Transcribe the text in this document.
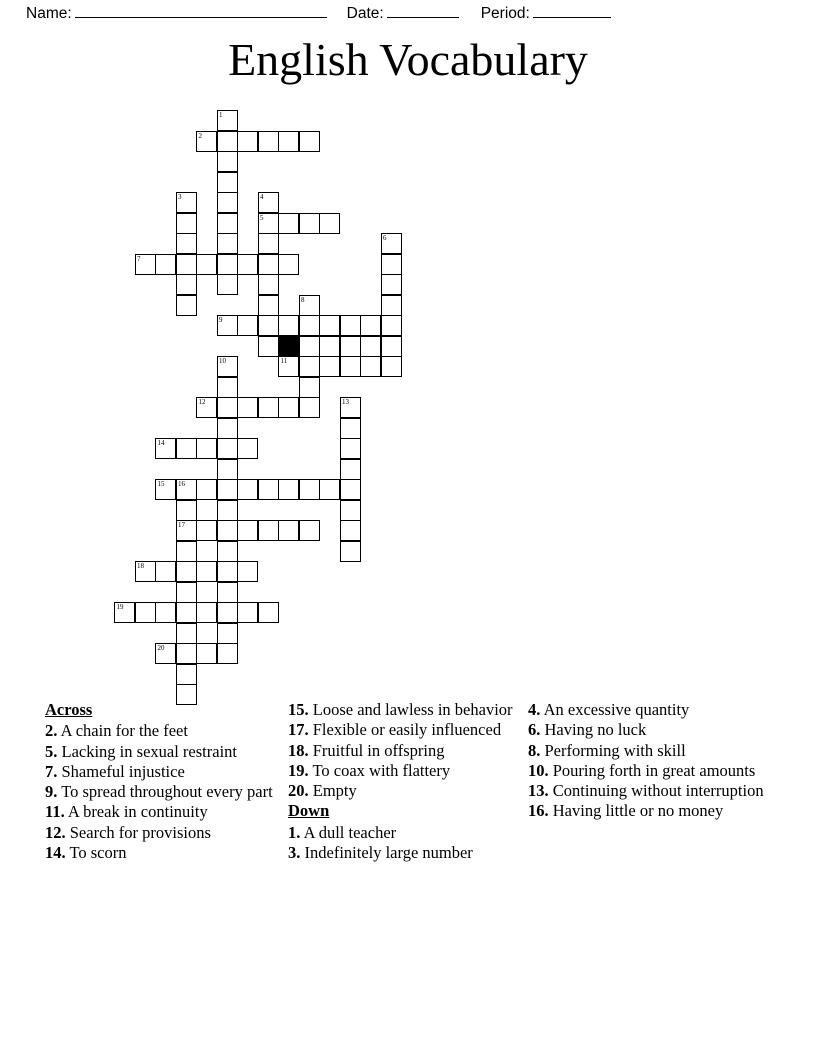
Name:	Date:	Period:
English Vocabulary
1
2
3	4
5
6
7
8
9
10	11
12	13
14
15 16
17
18
19
20
Across
2. A chain for the feet
5. Lacking in sexual restraint
7. Shameful injustice
9. To spread throughout every part
11. A break in continuity
12. Search for provisions
14. To scorn
15. Loose and lawless in behavior
17. Flexible or easily influenced
18. Fruitful in offspring
19. To coax with flattery
20. Empty
Down
1. A dull teacher
3. Indefinitely large number
4. An excessive quantity
6. Having no luck
8. Performing with skill
10. Pouring forth in great amounts
13. Continuing without interruption
16. Having little or no money
